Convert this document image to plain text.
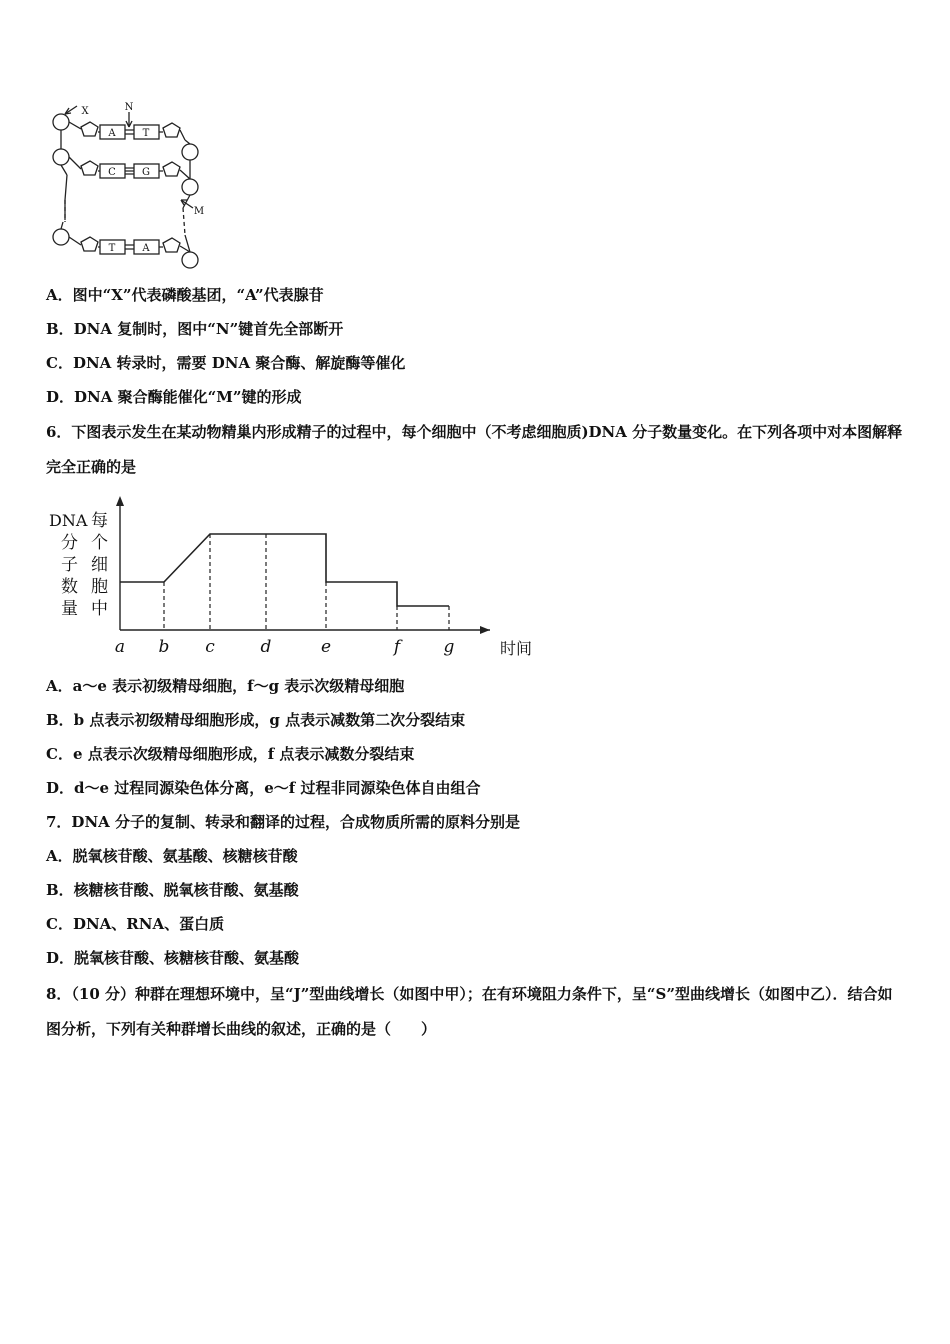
X	N
M
A	T
C	G
T	A
A．图中“X”代表磷酸基团，“A”代表腺苷
B．DNA 复制时，图中“N”键首先全部断开
C．DNA 转录时，需要 DNA 聚合酶、解旋酶等催化
D．DNA 聚合酶能催化“M”键的形成
6．下图表示发生在某动物精巢内形成精子的过程中，每个细胞中（不考虑细胞质)DNA 分子数量变化。在下列各项中对本图解释完全正确的是
a b c	d	e	f	g	时间
DNA
分
子
数
量
每
个
细
胞
中
A．a～e 表示初级精母细胞，f～g 表示次级精母细胞
B．b 点表示初级精母细胞形成，g 点表示减数第二次分裂结束
C．e 点表示次级精母细胞形成，f 点表示减数分裂结束
D．d～e 过程同源染色体分离，e～f 过程非同源染色体自由组合
7．DNA 分子的复制、转录和翻译的过程，合成物质所需的原料分别是
A．脱氧核苷酸、氨基酸、核糖核苷酸
B．核糖核苷酸、脱氧核苷酸、氨基酸
C．DNA、RNA、蛋白质
D．脱氧核苷酸、核糖核苷酸、氨基酸
8．（10 分）种群在理想环境中，呈“J”型曲线增长（如图中甲）；在有环境阻力条件下，呈“S”型曲线增长（如图中乙）．结合如图分析，下列有关种群增长曲线的叙述，正确的是（　　）
